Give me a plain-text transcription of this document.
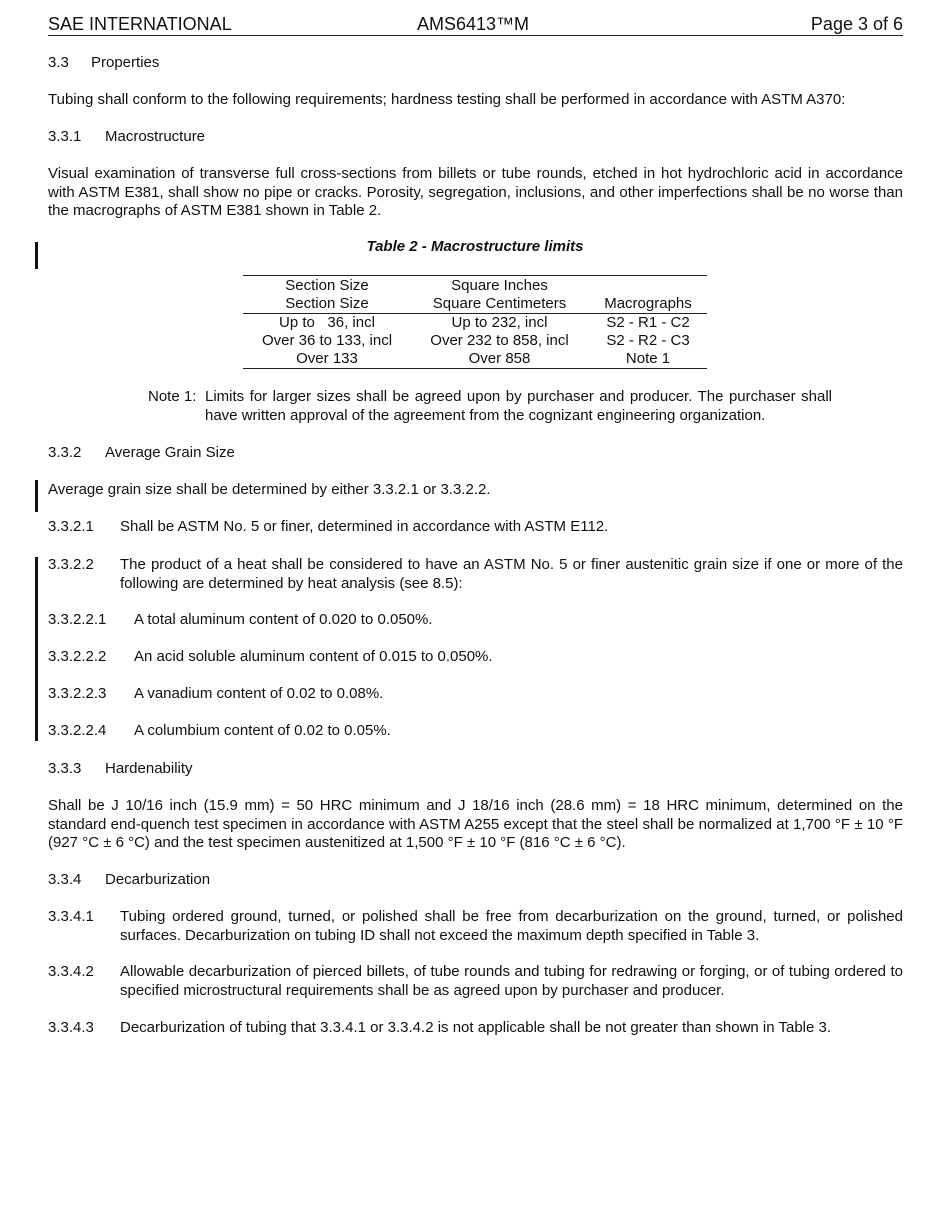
SAE INTERNATIONAL	AMS6413™M	Page 3 of 6
3.3 Properties
Tubing shall conform to the following requirements; hardness testing shall be performed in accordance with ASTM A370:
3.3.1 Macrostructure
Visual examination of transverse full cross-sections from billets or tube rounds, etched in hot hydrochloric acid in accordance with ASTM E381, shall show no pipe or cracks. Porosity, segregation, inclusions, and other imperfections shall be no worse than the macrographs of ASTM E381 shown in Table 2.
Table 2 - Macrostructure limits
Section Size	Square Inches
Section Size	Square Centimeters	Macrographs
Up to   36, incl	Up to 232, incl	S2 - R1 - C2
Over 36 to 133, incl	Over 232 to 858, incl	S2 - R2 - C3
Over 133	Over 858	Note 1
Note 1: Limits for larger sizes shall be agreed upon by purchaser and producer. The purchaser shall have written approval of the agreement from the cognizant engineering organization.
3.3.2 Average Grain Size
Average grain size shall be determined by either 3.3.2.1 or 3.3.2.2.
3.3.2.1 Shall be ASTM No. 5 or finer, determined in accordance with ASTM E112.
3.3.2.2 The product of a heat shall be considered to have an ASTM No. 5 or finer austenitic grain size if one or more of the following are determined by heat analysis (see 8.5):
3.3.2.2.1 A total aluminum content of 0.020 to 0.050%.
3.3.2.2.2 An acid soluble aluminum content of 0.015 to 0.050%.
3.3.2.2.3 A vanadium content of 0.02 to 0.08%.
3.3.2.2.4 A columbium content of 0.02 to 0.05%.
3.3.3 Hardenability
Shall be J 10/16 inch (15.9 mm) = 50 HRC minimum and J 18/16 inch (28.6 mm) = 18 HRC minimum, determined on the standard end-quench test specimen in accordance with ASTM A255 except that the steel shall be normalized at 1,700 °F ± 10 °F (927 °C ± 6 °C) and the test specimen austenitized at 1,500 °F ± 10 °F (816 °C ± 6 °C).
3.3.4 Decarburization
3.3.4.1 Tubing ordered ground, turned, or polished shall be free from decarburization on the ground, turned, or polished surfaces. Decarburization on tubing ID shall not exceed the maximum depth specified in Table 3.
3.3.4.2 Allowable decarburization of pierced billets, of tube rounds and tubing for redrawing or forging, or of tubing ordered to specified microstructural requirements shall be as agreed upon by purchaser and producer.
3.3.4.3 Decarburization of tubing that 3.3.4.1 or 3.3.4.2 is not applicable shall be not greater than shown in Table 3.
